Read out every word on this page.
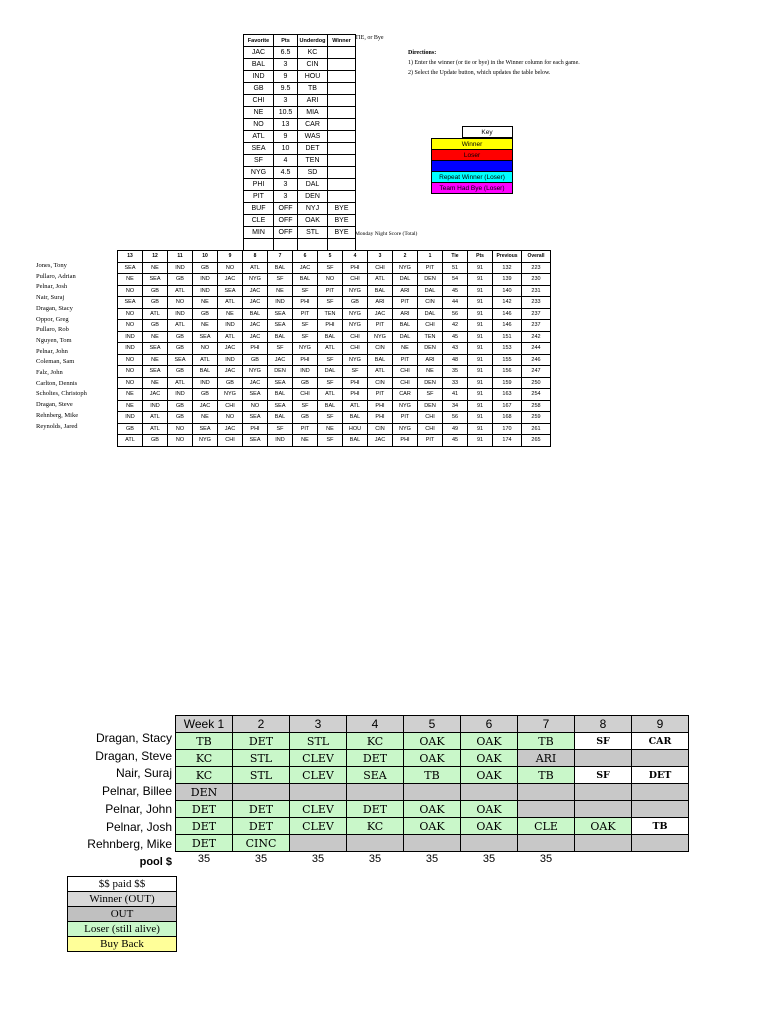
Favorite	Pts	Underdog	Winner
JAC	6.5	KC	
BAL	3	CIN	
IND	9	HOU	
GB	9.5	TB	
CHI	3	ARI	
NE	10.5	MIA	
NO	13	CAR	
ATL	9	WAS	
SEA	10	DET	
SF	4	TEN	
NYG	4.5	SD	
PHI	3	DAL	
PIT	3	DEN	
BUF	OFF	NYJ	BYE
CLE	OFF	OAK	BYE
MIN	OFF	STL	BYE

TIE, or Bye
Directions:
1) Enter the winner (or tie or bye) in the Winner column for each game.
2) Select the Update button, which updates the table below.
Monday Night Score (Total)
Key
Winner
Loser
Tie Game
Repeat Winner (Loser)
Team Had Bye (Loser)
Jones, Tony
Pullaro, Adrian
Pelnar, Josh
Nair, Suraj
Dragan, Stacy
Oppor, Greg
Pullaro, Rob
Nguyen, Tom
Pelnar, John
Coleman, Sam
Falz, John
Carlton, Dennis
Scholtes, Christoph
Dragan, Steve
Rehnberg, Mike
Reynolds, Jared
13	12	11	10	9	8	7	6	5	4	3	2	1	Tie	Pts	Previous	Overall
SEA	NE	IND	GB	NO	ATL	BAL	JAC	SF	PHI	CHI	NYG	PIT	51	91	132	223
NE	SEA	GB	IND	JAC	NYG	SF	BAL	NO	CHI	ATL	DAL	DEN	54	91	139	230
NO	GB	ATL	IND	SEA	JAC	NE	SF	PIT	NYG	BAL	ARI	DAL	45	91	140	231
SEA	GB	NO	NE	ATL	JAC	IND	PHI	SF	GB	ARI	PIT	CIN	44	91	142	233
NO	ATL	IND	GB	NE	BAL	SEA	PIT	TEN	NYG	JAC	ARI	DAL	56	91	146	237
NO	GB	ATL	NE	IND	JAC	SEA	SF	PHI	NYG	PIT	BAL	CHI	42	91	146	237
IND	NE	GB	SEA	ATL	JAC	BAL	SF	BAL	CHI	NYG	DAL	TEN	45	91	151	242
IND	SEA	GB	NO	JAC	PHI	SF	NYG	ATL	CHI	CIN	NE	DEN	43	91	153	244
NO	NE	SEA	ATL	IND	GB	JAC	PHI	SF	NYG	BAL	PIT	ARI	48	91	155	246
NO	SEA	GB	BAL	JAC	NYG	DEN	IND	DAL	SF	ATL	CHI	NE	35	91	156	247
NO	NE	ATL	IND	GB	JAC	SEA	GB	SF	PHI	CIN	CHI	DEN	33	91	159	250
NE	JAC	IND	GB	NYG	SEA	BAL	CHI	ATL	PHI	PIT	CAR	SF	41	91	163	254
NE	IND	GB	JAC	CHI	NO	SEA	SF	BAL	ATL	PHI	NYG	DEN	34	91	167	258
IND	ATL	GB	NE	NO	SEA	BAL	GB	SF	BAL	PHI	PIT	CHI	56	91	168	259
GB	ATL	NO	SEA	JAC	PHI	SF	PIT	NE	HOU	CIN	NYG	CHI	49	91	170	261
ATL	GB	NO	NYG	CHI	SEA	IND	NE	SF	BAL	JAC	PHI	PIT	45	91	174	265
Dragan, Stacy
Dragan, Steve
Nair, Suraj
Pelnar, Billee
Pelnar, John
Pelnar, Josh
Rehnberg, Mike
pool $
Week 1	2	3	4	5	6	7	8	9
TB	DET	STL	KC	OAK	OAK	TB	SF	CAR
KC	STL	CLEV	DET	OAK	OAK	ARI		
KC	STL	CLEV	SEA	TB	OAK	TB	SF	DET
DEN								
DET	DET	CLEV	DET	OAK	OAK			
DET	DET	CLEV	KC	OAK	OAK	CLE	OAK	TB
DET	CINC							
35	35	35	35	35	35	35		
$$ paid $$
Winner (OUT)
OUT
Loser (still alive)
Buy Back
